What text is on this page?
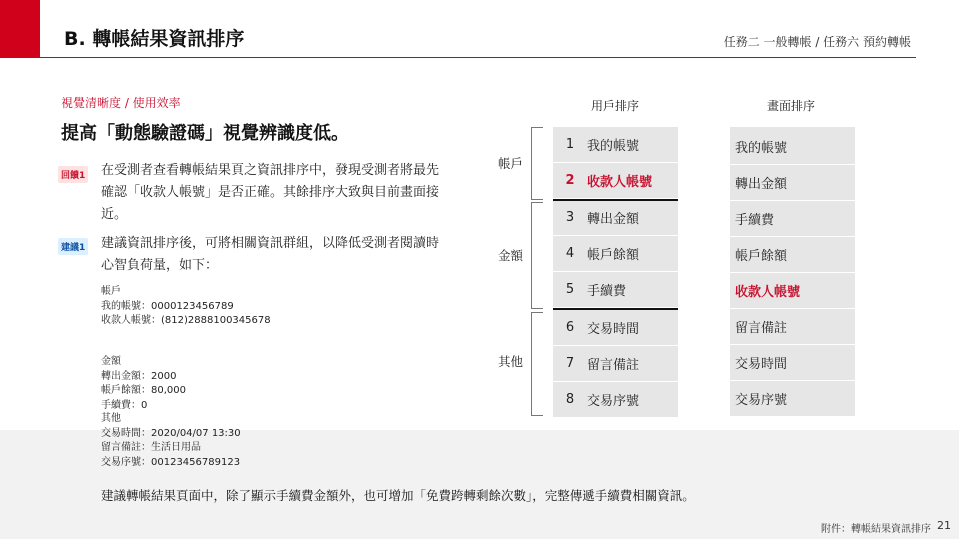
B. 轉帳結果資訊排序	任務二 一般轉帳 / 任務六 預約轉帳
視覺清晰度 / 使用效率
提高「動態驗證碼」視覺辨識度低。
回饋1 在受測者查看轉帳結果頁之資訊排序中，發現受測者將最先確認「收款人帳號」是否正確。其餘排序大致與目前畫面接近。
建議1 建議資訊排序後，可將相關資訊群組，以降低受測者閱讀時心智負荷量，如下：
帳戶
我的帳號：0000123456789
收款人帳號：(812)2888100345678
金額
轉出金額：2000
帳戶餘額：80,000
手續費：0
其他
交易時間：2020/04/07 13:30
留言備註：生活日用品
交易序號：00123456789123
用戶排序	畫面排序
帳戶
金額
其他
1 我的帳號
2 收款人帳號
3 轉出金額
4 帳戶餘額
5 手續費
6 交易時間
7 留言備註
8 交易序號
我的帳號
轉出金額
手續費
帳戶餘額
收款人帳號
留言備註
交易時間
交易序號
建議轉帳結果頁面中，除了顯示手續費金額外，也可增加「免費跨轉剩餘次數」，完整傳遞手續費相關資訊。
附件：轉帳結果資訊排序 21
